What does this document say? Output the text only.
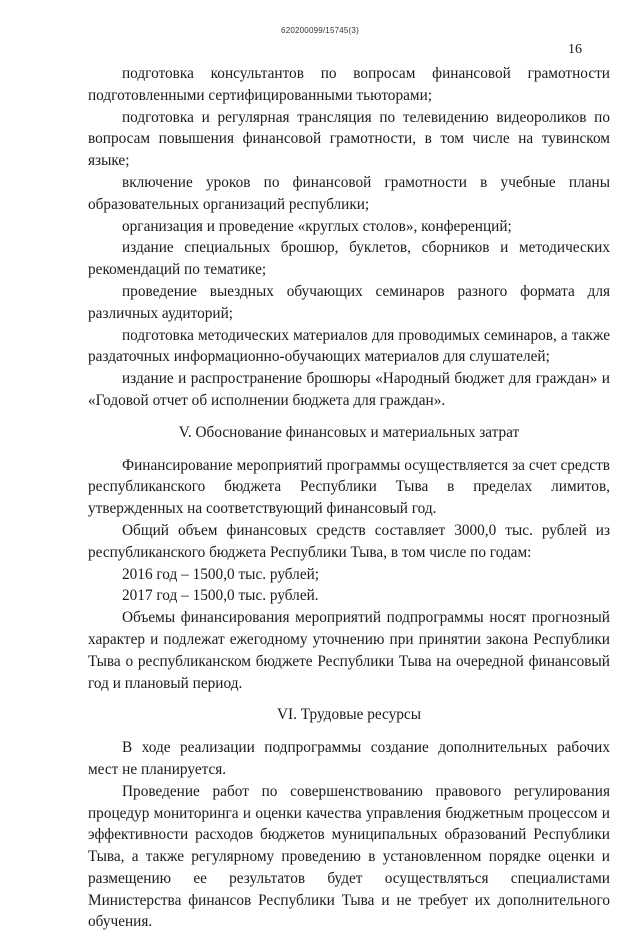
620200099/15745(3)
16

подготовка консультантов по вопросам финансовой грамотности подготовленными сертифицированными тьюторами;

подготовка и регулярная трансляция по телевидению видеороликов по вопросам повышения финансовой грамотности, в том числе на тувинском языке;

включение уроков по финансовой грамотности в учебные планы образовательных организаций республики;

организация и проведение «круглых столов», конференций;

издание специальных брошюр, буклетов, сборников и методических рекомендаций по тематике;

проведение выездных обучающих семинаров разного формата для различных аудиторий;

подготовка методических материалов для проводимых семинаров, а также раздаточных информационно-обучающих материалов для слушателей;

издание и распространение брошюры «Народный бюджет для граждан» и «Годовой отчет об исполнении бюджета для граждан».

V. Обоснование финансовых и материальных затрат

Финансирование мероприятий программы осуществляется за счет средств республиканского бюджета Республики Тыва в пределах лимитов, утвержденных на соответствующий финансовый год.

Общий объем финансовых средств составляет 3000,0 тыс. рублей из республиканского бюджета Республики Тыва, в том числе по годам:

2016 год – 1500,0 тыс. рублей;

2017 год – 1500,0 тыс. рублей.

Объемы финансирования мероприятий подпрограммы носят прогнозный характер и подлежат ежегодному уточнению при принятии закона Республики Тыва о республиканском бюджете Республики Тыва на очередной финансовый год и плановый период.

VI. Трудовые ресурсы

В ходе реализации подпрограммы создание дополнительных рабочих мест не планируется.

Проведение работ по совершенствованию правового регулирования процедур мониторинга и оценки качества управления бюджетным процессом и эффективности расходов бюджетов муниципальных образований Республики Тыва, а также регулярному проведению в установленном порядке оценки и размещению ее результатов будет осуществляться специалистами Министерства финансов Республики Тыва и не требует их дополнительного обучения.
